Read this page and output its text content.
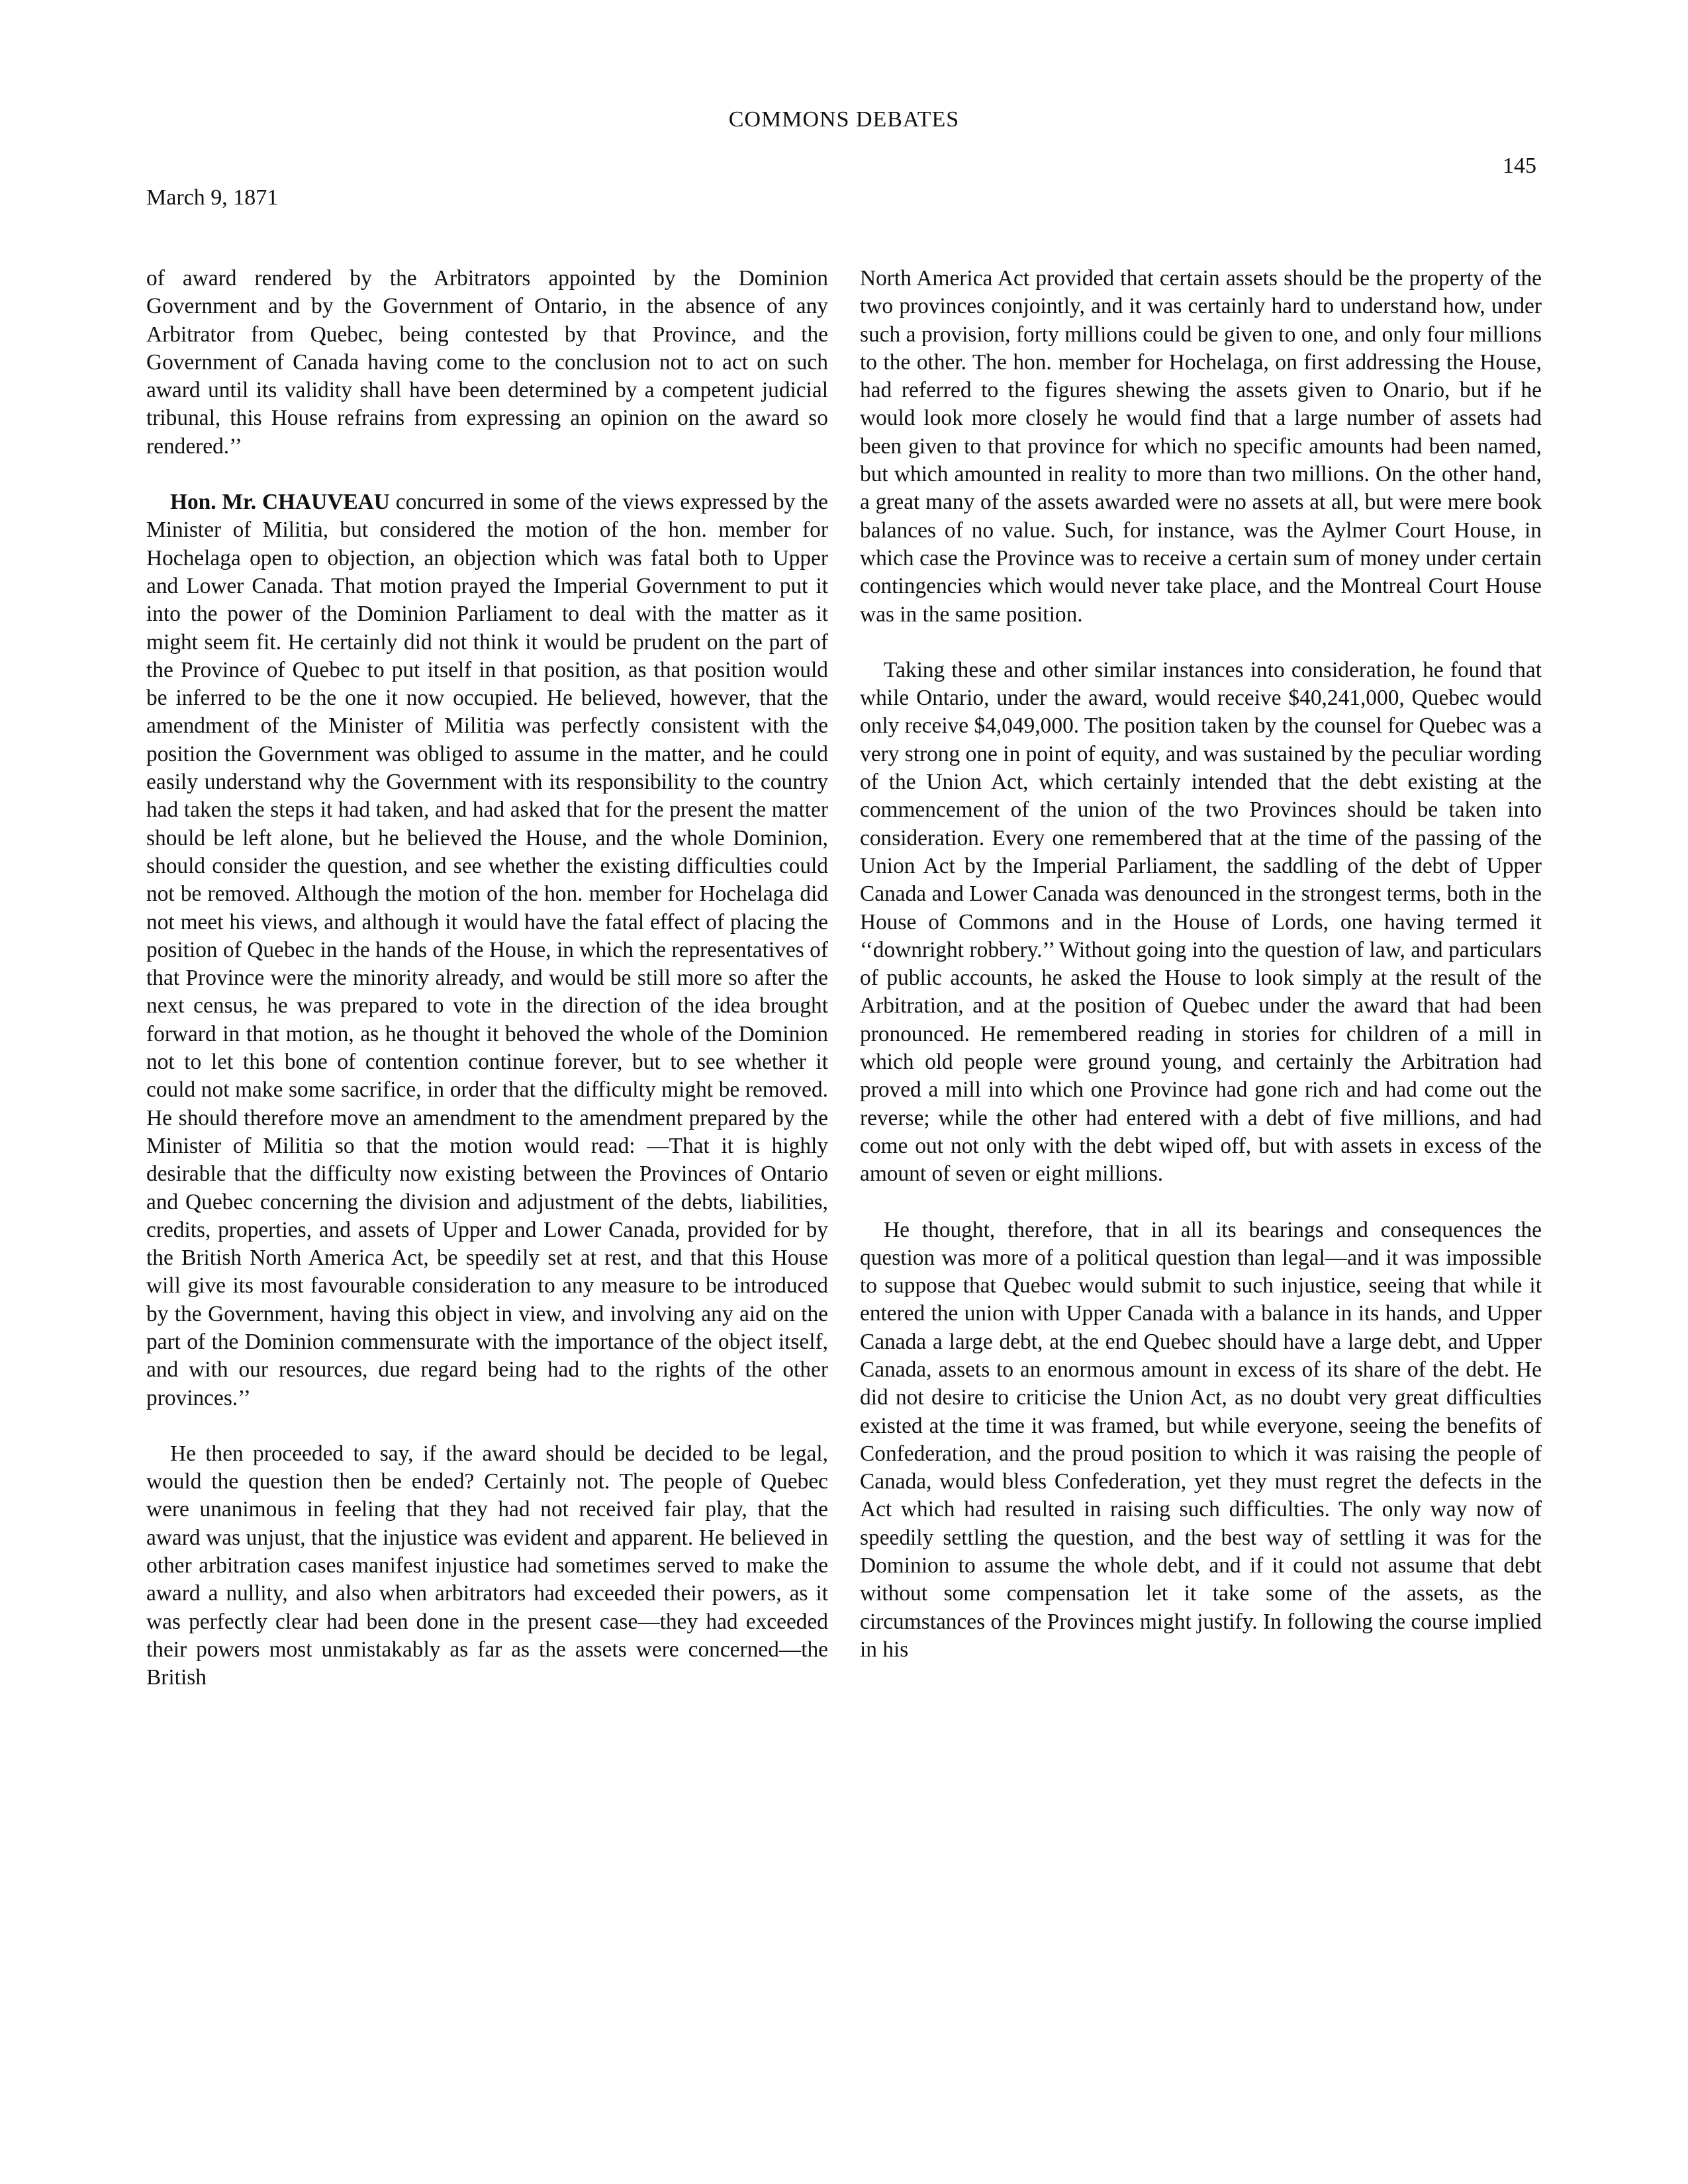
COMMONS DEBATES
145
March 9, 1871

of award rendered by the Arbitrators appointed by the Dominion Government and by the Government of Ontario, in the absence of any Arbitrator from Quebec, being contested by that Province, and the Government of Canada having come to the conclusion not to act on such award until its validity shall have been determined by a competent judicial tribunal, this House refrains from expressing an opinion on the award so rendered.’’

Hon. Mr. CHAUVEAU concurred in some of the views expressed by the Minister of Militia, but considered the motion of the hon. member for Hochelaga open to objection, an objection which was fatal both to Upper and Lower Canada. That motion prayed the Imperial Government to put it into the power of the Dominion Parliament to deal with the matter as it might seem fit. He certainly did not think it would be prudent on the part of the Province of Quebec to put itself in that position, as that position would be inferred to be the one it now occupied. He believed, however, that the amendment of the Minister of Militia was perfectly consistent with the position the Government was obliged to assume in the matter, and he could easily understand why the Government with its responsibility to the country had taken the steps it had taken, and had asked that for the present the matter should be left alone, but he believed the House, and the whole Dominion, should consider the question, and see whether the existing difficulties could not be removed. Although the motion of the hon. member for Hochelaga did not meet his views, and although it would have the fatal effect of placing the position of Quebec in the hands of the House, in which the representatives of that Province were the minority already, and would be still more so after the next census, he was prepared to vote in the direction of the idea brought forward in that motion, as he thought it behoved the whole of the Dominion not to let this bone of contention continue forever, but to see whether it could not make some sacrifice, in order that the difficulty might be removed. He should therefore move an amendment to the amendment prepared by the Minister of Militia so that the motion would read: —That it is highly desirable that the difficulty now existing between the Provinces of Ontario and Quebec concerning the division and adjustment of the debts, liabilities, credits, properties, and assets of Upper and Lower Canada, provided for by the British North America Act, be speedily set at rest, and that this House will give its most favourable consideration to any measure to be introduced by the Government, having this object in view, and involving any aid on the part of the Dominion commensurate with the importance of the object itself, and with our resources, due regard being had to the rights of the other provinces.’’

He then proceeded to say, if the award should be decided to be legal, would the question then be ended? Certainly not. The people of Quebec were unanimous in feeling that they had not received fair play, that the award was unjust, that the injustice was evident and apparent. He believed in other arbitration cases manifest injustice had sometimes served to make the award a nullity, and also when arbitrators had exceeded their powers, as it was perfectly clear had been done in the present case—they had exceeded their powers most unmistakably as far as the assets were concerned—the British

North America Act provided that certain assets should be the property of the two provinces conjointly, and it was certainly hard to understand how, under such a provision, forty millions could be given to one, and only four millions to the other. The hon. member for Hochelaga, on first addressing the House, had referred to the figures shewing the assets given to Onario, but if he would look more closely he would find that a large number of assets had been given to that province for which no specific amounts had been named, but which amounted in reality to more than two millions. On the other hand, a great many of the assets awarded were no assets at all, but were mere book balances of no value. Such, for instance, was the Aylmer Court House, in which case the Province was to receive a certain sum of money under certain contingencies which would never take place, and the Montreal Court House was in the same position.

Taking these and other similar instances into consideration, he found that while Ontario, under the award, would receive $40,241,000, Quebec would only receive $4,049,000. The position taken by the counsel for Quebec was a very strong one in point of equity, and was sustained by the peculiar wording of the Union Act, which certainly intended that the debt existing at the commencement of the union of the two Provinces should be taken into consideration. Every one remembered that at the time of the passing of the Union Act by the Imperial Parliament, the saddling of the debt of Upper Canada and Lower Canada was denounced in the strongest terms, both in the House of Commons and in the House of Lords, one having termed it ‘‘downright robbery.’’ Without going into the question of law, and particulars of public accounts, he asked the House to look simply at the result of the Arbitration, and at the position of Quebec under the award that had been pronounced. He remembered reading in stories for children of a mill in which old people were ground young, and certainly the Arbitration had proved a mill into which one Province had gone rich and had come out the reverse; while the other had entered with a debt of five millions, and had come out not only with the debt wiped off, but with assets in excess of the amount of seven or eight millions.

He thought, therefore, that in all its bearings and consequences the question was more of a political question than legal—and it was impossible to suppose that Quebec would submit to such injustice, seeing that while it entered the union with Upper Canada with a balance in its hands, and Upper Canada a large debt, at the end Quebec should have a large debt, and Upper Canada, assets to an enormous amount in excess of its share of the debt. He did not desire to criticise the Union Act, as no doubt very great difficulties existed at the time it was framed, but while everyone, seeing the benefits of Confederation, and the proud position to which it was raising the people of Canada, would bless Confederation, yet they must regret the defects in the Act which had resulted in raising such difficulties. The only way now of speedily settling the question, and the best way of settling it was for the Dominion to assume the whole debt, and if it could not assume that debt without some compensation let it take some of the assets, as the circumstances of the Provinces might justify. In following the course implied in his
